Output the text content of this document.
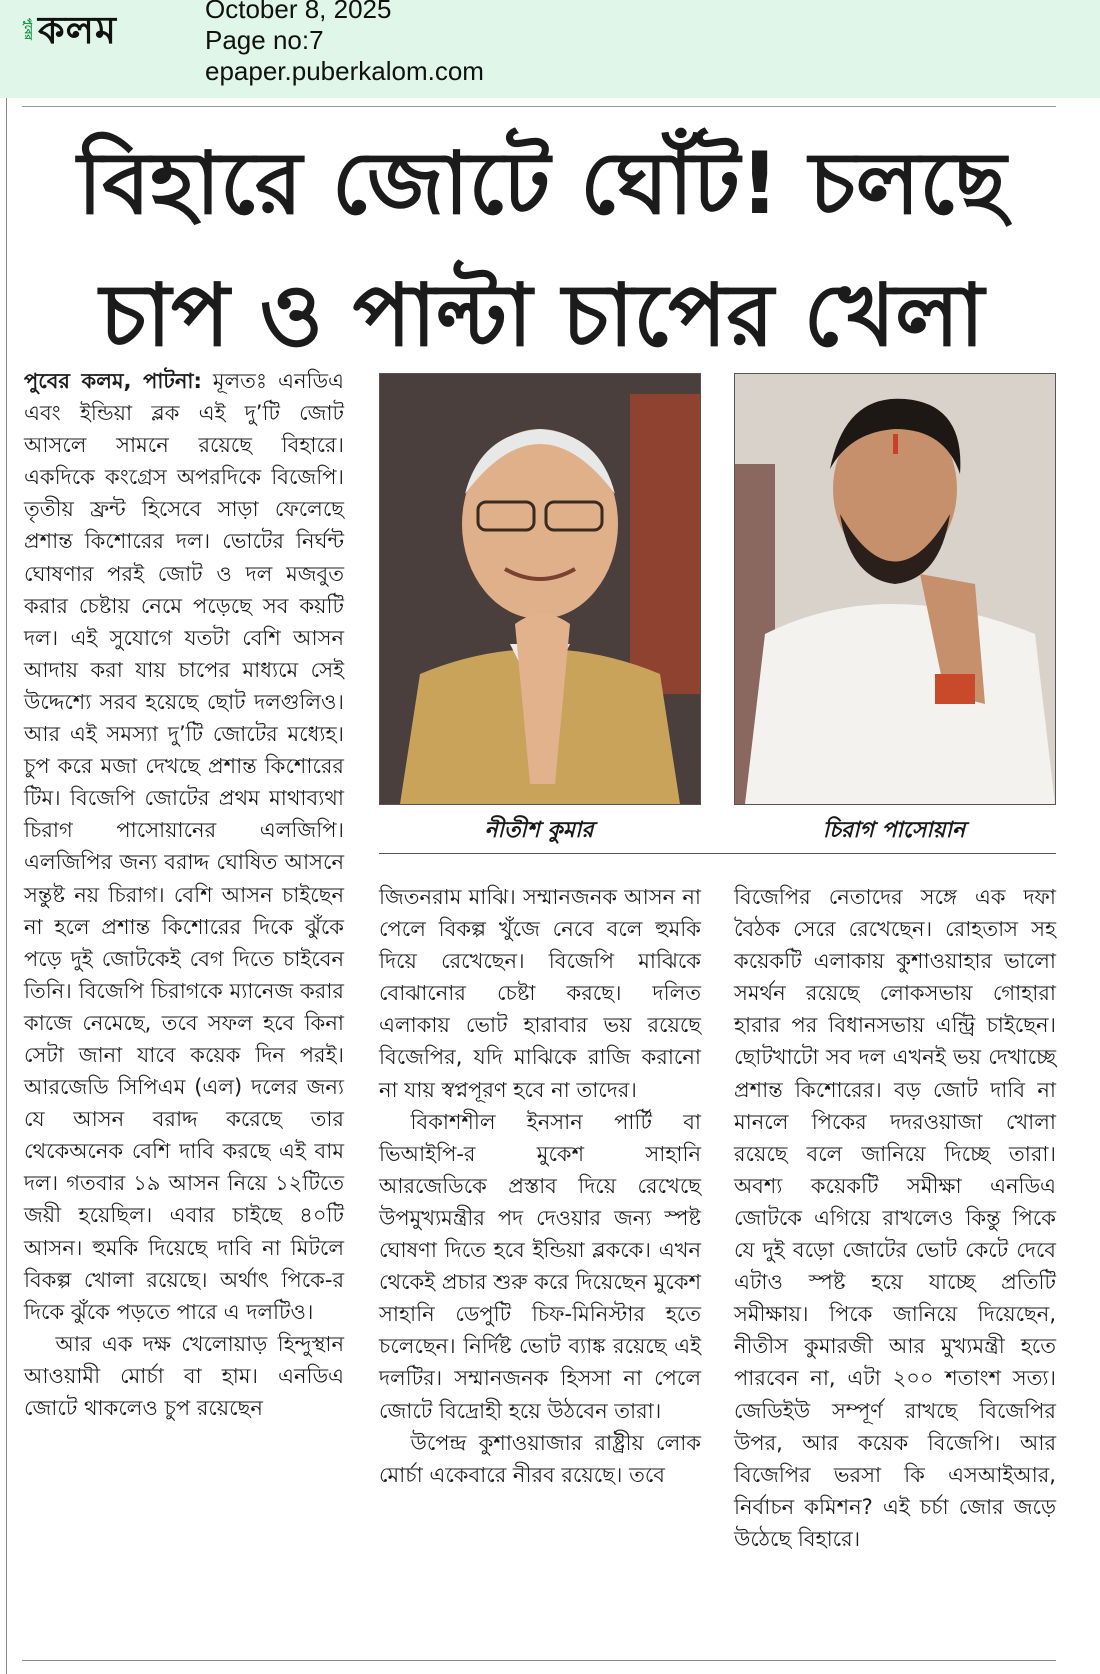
পুবের কলম	October 8, 2025
Page no:7
epaper.puberkalom.com
বিহারে জোটে ঘোঁট! চলছে
চাপ ও পাল্টা চাপের খেলা

পুবের কলম, পাটনা: মূলতঃ এনডিএ এবং ইন্ডিয়া ব্লক এই দু’টি জোট আসলে সামনে রয়েছে বিহারে। একদিকে কংগ্রেস অপরদিকে বিজেপি। তৃতীয় ফ্রন্ট হিসেবে সাড়া ফেলেছে প্রশান্ত কিশোরের দল। ভোটের নির্ঘন্ট ঘোষণার পরই জোট ও দল মজবুত করার চেষ্টায় নেমে পড়েছে সব কয়টি দল। এই সুযোগে যতটা বেশি আসন আদায় করা যায় চাপের মাধ্যমে সেই উদ্দেশ্যে সরব হয়েছে ছোট দলগুলিও। আর এই সমস্যা দু’টি জোটের মধ্যেহ। চুপ করে মজা দেখছে প্রশান্ত কিশোরের টিম। বিজেপি জোটের প্রথম মাথাব্যথা চিরাগ পাসোয়ানের এলজিপি। এলজিপির জন্য বরাদ্দ ঘোষিত আসনে সন্তুষ্ট নয় চিরাগ। বেশি আসন চাইছেন না হলে প্রশান্ত কিশোরের দিকে ঝুঁকে পড়ে দুই জোটকেই বেগ দিতে চাইবেন তিনি। বিজেপি চিরাগকে ম্যানেজ করার কাজে নেমেছে, তবে সফল হবে কিনা সেটা জানা যাবে কয়েক দিন পরই। আরজেডি সিপিএম (এল) দলের জন্য যে আসন বরাদ্দ করেছে তার থেকেঅনেক বেশি দাবি করছে এই বাম দল। গতবার ১৯ আসন নিয়ে ১২টিতে জয়ী হয়েছিল। এবার চাইছে ৪০টি আসন। হুমকি দিয়েছে দাবি না মিটলে বিকল্প খোলা রয়েছে। অর্থাৎ পিকে-র দিকে ঝুঁকে পড়তে পারে এ দলটিও।

আর এক দক্ষ খেলোয়াড় হিন্দুস্থান আওয়ামী মোর্চা বা হাম। এনডিএ জোটে থাকলেও চুপ রয়েছেন

নীতীশ কুমার	চিরাগ পাসোয়ান

জিতনরাম মাঝি। সম্মানজনক আসন না পেলে বিকল্প খুঁজে নেবে বলে হুমকি দিয়ে রেখেছেন। বিজেপি মাঝিকে বোঝানোর চেষ্টা করছে। দলিত এলাকায় ভোট হারাবার ভয় রয়েছে বিজেপির, যদি মাঝিকে রাজি করানো না যায় স্বপ্নপূরণ হবে না তাদের।

বিকাশশীল ইনসান পার্টি বা ভিআইপি-র মুকেশ সাহানি আরজেডিকে প্রস্তাব দিয়ে রেখেছে উপমুখ্যমন্ত্রীর পদ দেওয়ার জন্য স্পষ্ট ঘোষণা দিতে হবে ইন্ডিয়া ব্লককে। এখন থেকেই প্রচার শুরু করে দিয়েছেন মুকেশ সাহানি ডেপুটি চিফ-মিনিস্টার হতে চলেছেন। নির্দিষ্ট ভোট ব্যাঙ্ক রয়েছে এই দলটির। সম্মানজনক হিসসা না পেলে জোটে বিদ্রোহী হয়ে উঠবেন তারা।

উপেন্দ্র কুশাওয়াজার রাষ্ট্রীয় লোক মোর্চা একেবারে নীরব রয়েছে। তবে

বিজেপির নেতাদের সঙ্গে এক দফা বৈঠক সেরে রেখেছেন। রোহতাস সহ কয়েকটি এলাকায় কুশাওয়াহার ভালো সমর্থন রয়েছে লোকসভায় গোহারা হারার পর বিধানসভায় এন্ট্রি চাইছেন। ছোটখাটো সব দল এখনই ভয় দেখাচ্ছে প্রশান্ত কিশোরের। বড় জোট দাবি না মানলে পিকের দদরওয়াজা খোলা রয়েছে বলে জানিয়ে দিচ্ছে তারা। অবশ্য কয়েকটি সমীক্ষা এনডিএ জোটকে এগিয়ে রাখলেও কিন্তু পিকে যে দুই বড়ো জোটের ভোট কেটে দেবে এটাও স্পষ্ট হয়ে যাচ্ছে প্রতিটি সমীক্ষায়। পিকে জানিয়ে দিয়েছেন, নীতীস কুমারজী আর মুখ্যমন্ত্রী হতে পারবেন না, এটা ২০০ শতাংশ সত্য। জেডিইউ সম্পূর্ণ রাখছে বিজেপির উপর, আর কয়েক বিজেপি। আর বিজেপির ভরসা কি এসআইআর, নির্বাচন কমিশন? এই চর্চা জোর জড়ে উঠেছে বিহারে।
